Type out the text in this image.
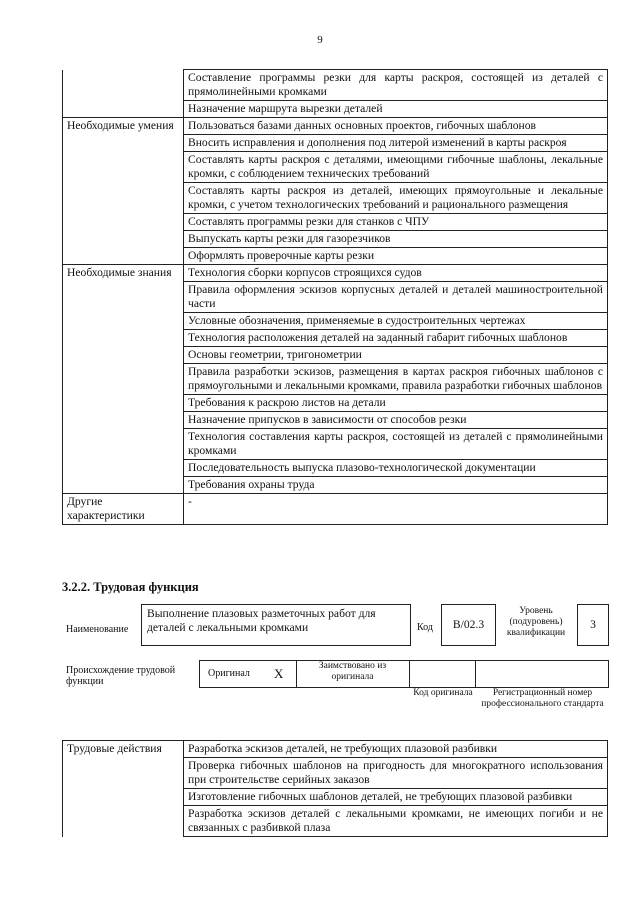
9
	Составление программы резки для карты раскроя, состоящей из деталей с прямолинейными кромками
	Назначение маршрута вырезки деталей
Необходимые умения	Пользоваться базами данных основных проектов, гибочных шаблонов
	Вносить исправления и дополнения под литерой изменений в карты раскроя
	Составлять карты раскроя с деталями, имеющими гибочные шаблоны, лекальные кромки, с соблюдением технических требований
	Составлять карты раскроя из деталей, имеющих прямоугольные и лекальные кромки, с учетом технологических требований и рационального размещения
	Составлять программы резки для станков с ЧПУ
	Выпускать карты резки для газорезчиков
	Оформлять проверочные карты резки
Необходимые знания	Технология сборки корпусов строящихся судов
	Правила оформления эскизов корпусных деталей и деталей машиностроительной части
	Условные обозначения, применяемые в судостроительных чертежах
	Технология расположения деталей на заданный габарит гибочных шаблонов
	Основы геометрии, тригонометрии
	Правила разработки эскизов, размещения в картах раскроя гибочных шаблонов с прямоугольными и лекальными кромками, правила разработки гибочных шаблонов
	Требования к раскрою листов на детали
	Назначение припусков в зависимости от способов резки
	Технология составления карты раскроя, состоящей из деталей с прямолинейными кромками
	Последовательность выпуска плазово-технологической документации
	Требования охраны труда
Другие характеристики	-
3.2.2. Трудовая функция
Наименование
Выполнение плазовых разметочных работ для деталей с лекальными кромками	Код	B/02.3
Уровень (подуровень) квалификации
3
Происхождение трудовой функции
Оригинал X	Заимствовано из оригинала
Код оригинала	Регистрационный номер профессионального стандарта
Трудовые действия	Разработка эскизов деталей, не требующих плазовой разбивки
	Проверка гибочных шаблонов на пригодность для многократного использования при строительстве серийных заказов
	Изготовление гибочных шаблонов деталей, не требующих плазовой разбивки
	Разработка эскизов деталей с лекальными кромками, не имеющих погиби и не связанных с разбивкой плаза
